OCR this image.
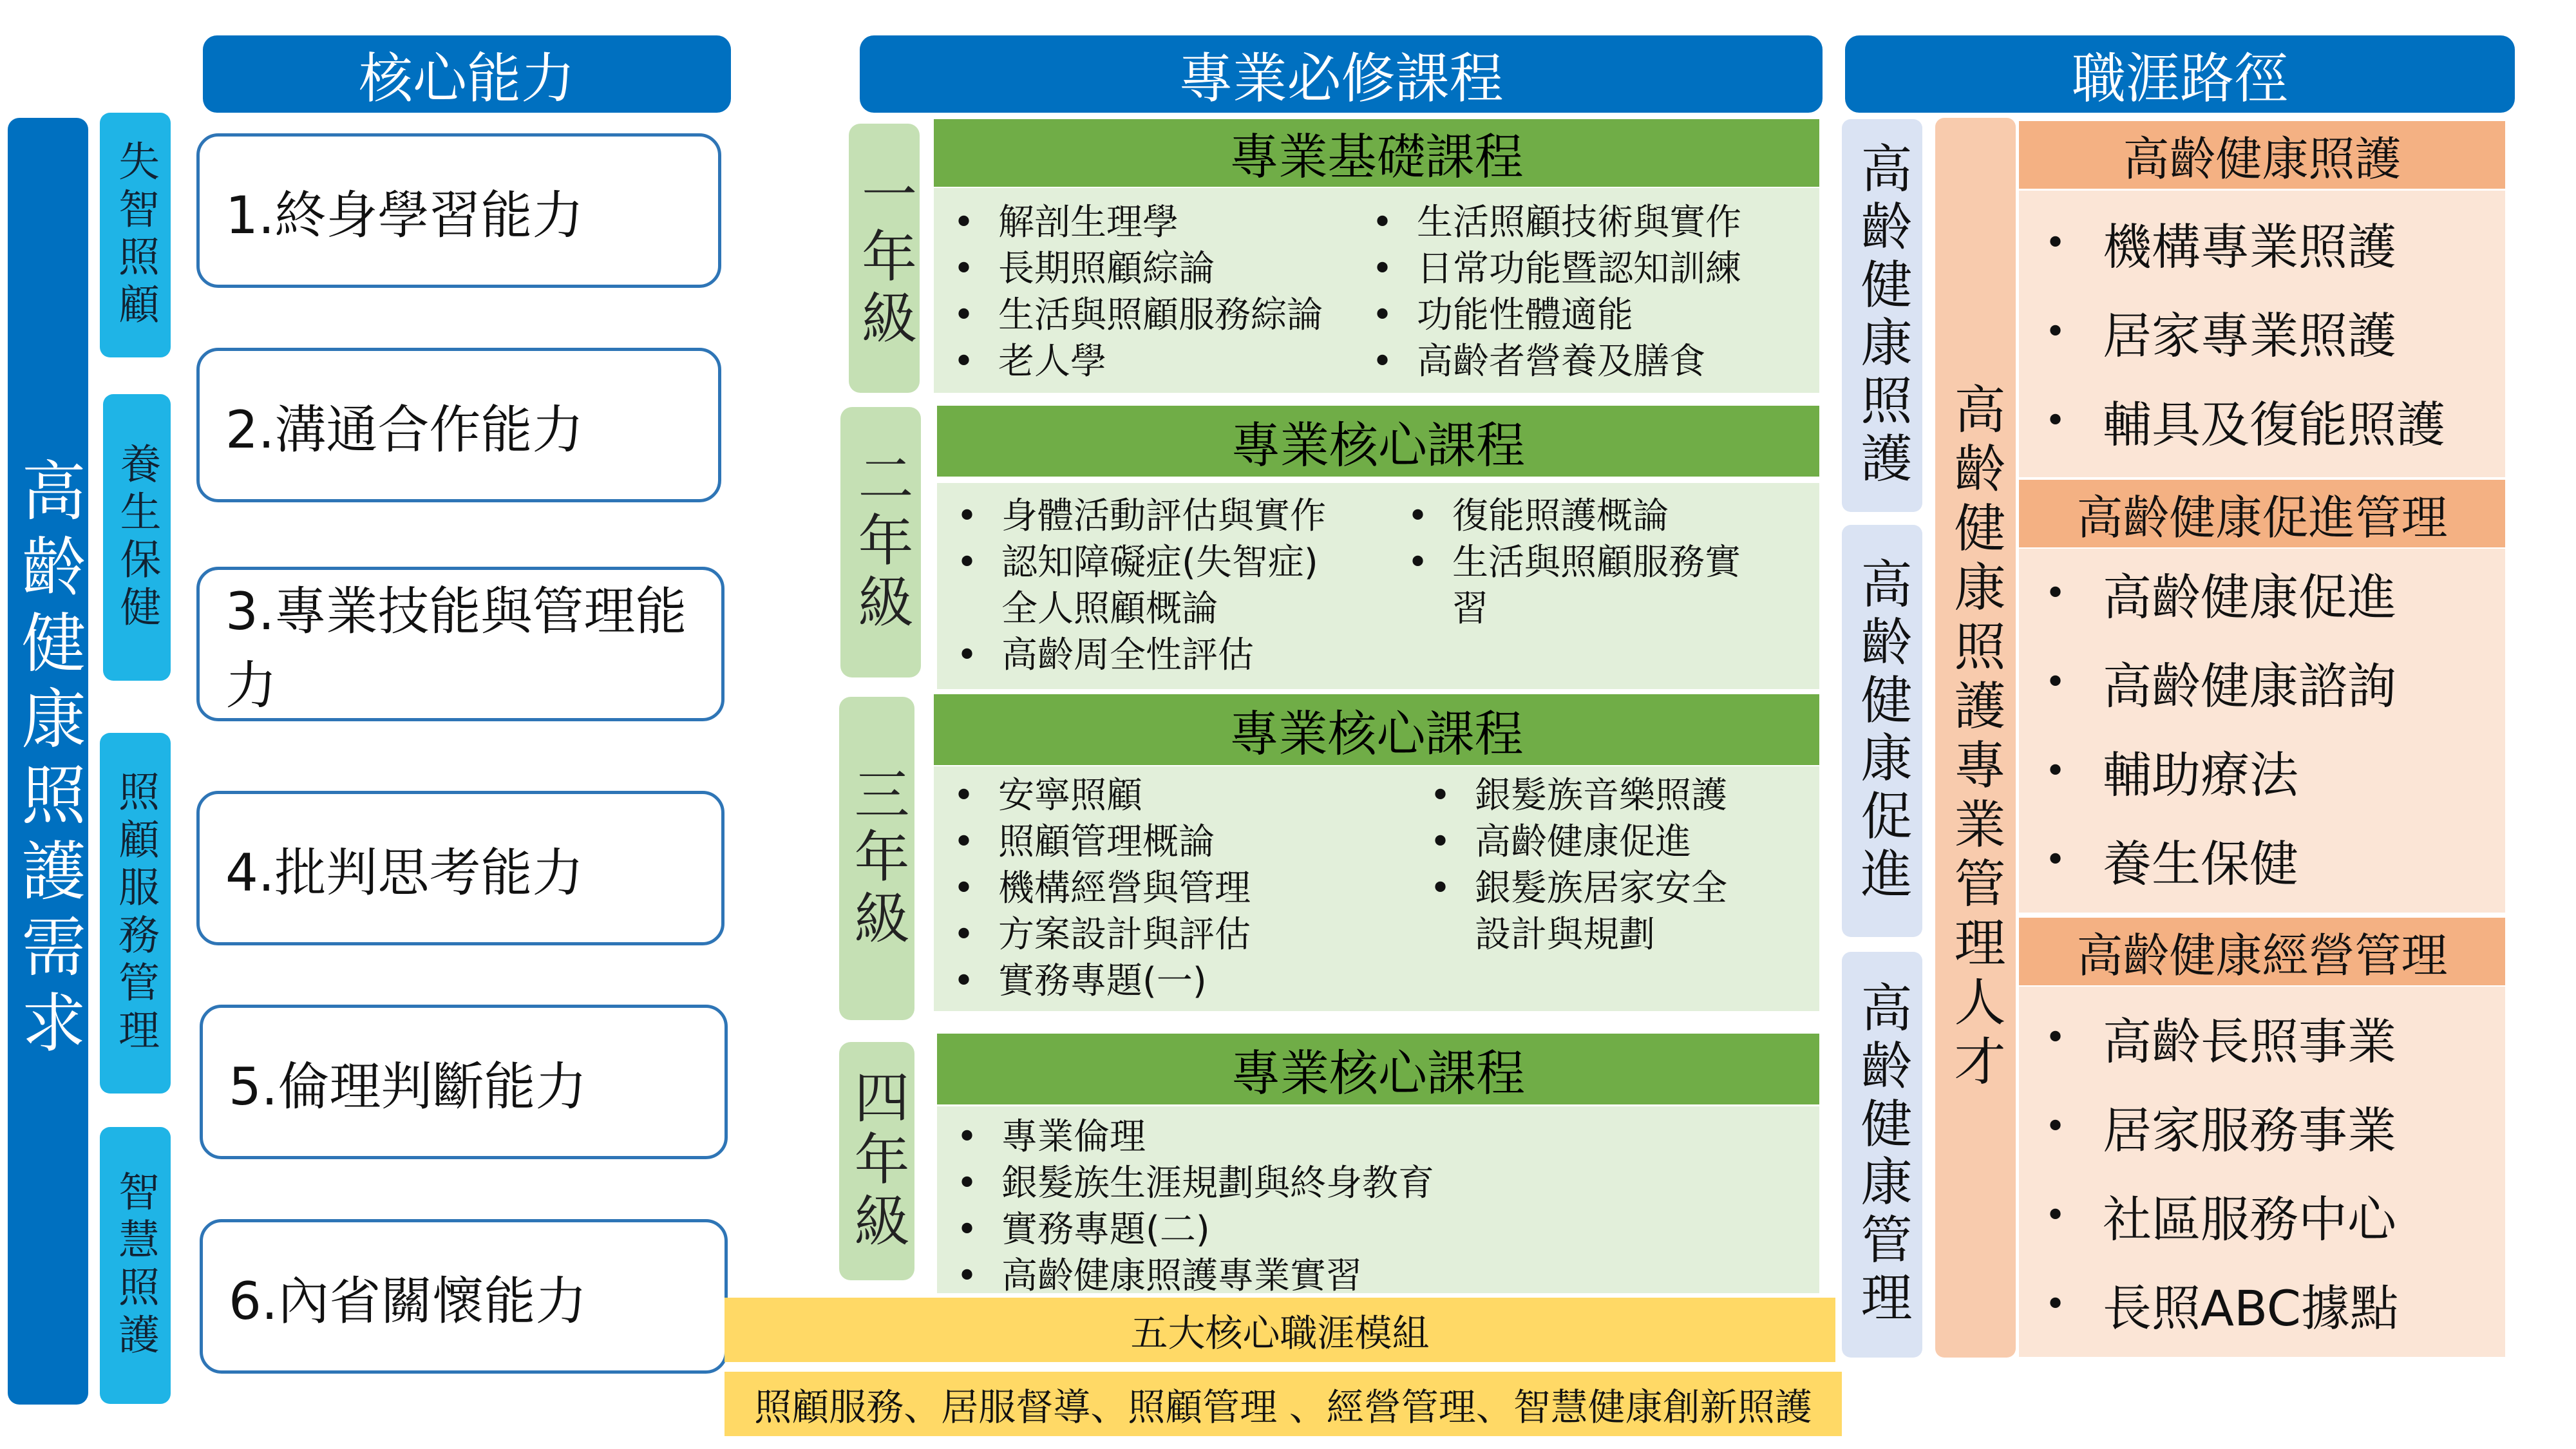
核心能力	專業必修課程	職涯路徑
高齡健康照護需求
失智照顧
養生保健
照顧服務管理
智慧照護
1.終身學習能力
2.溝通合作能力
3.專業技能與管理能力
4.批判思考能力
5.倫理判斷能力
6.內省關懷能力
一年級
二年級
三年級
四年級
專業基礎課程
• 解剖生理學
• 長期照顧綜論
• 生活與照顧服務綜論
• 老人學
• 生活照顧技術與實作
• 日常功能暨認知訓練
• 功能性體適能
• 高齡者營養及膳食
專業核心課程
• 身體活動評估與實作
• 認知障礙症(失智症)
全人照顧概論
• 高齡周全性評估
• 復能照護概論
• 生活與照顧服務實
習
專業核心課程
• 安寧照顧
• 照顧管理概論
• 機構經營與管理
• 方案設計與評估
• 實務專題(一)
• 銀髮族音樂照護
• 高齡健康促進
• 銀髮族居家安全
設計與規劃
專業核心課程
• 專業倫理
• 銀髮族生涯規劃與終身教育
• 實務專題(二)
• 高齡健康照護專業實習
五大核心職涯模組
照顧服務、居服督導、照顧管理 、經營管理、智慧健康創新照護
高齡健康照護
高齡健康促進
高齡健康管理
高齡健康照護專業管理人才
高齡健康照護
• 機構專業照護
• 居家專業照護
• 輔具及復能照護
高齡健康促進管理
• 高齡健康促進
• 高齡健康諮詢
• 輔助療法
• 養生保健
高齡健康經營管理
• 高齡長照事業
• 居家服務事業
• 社區服務中心
• 長照ABC據點
